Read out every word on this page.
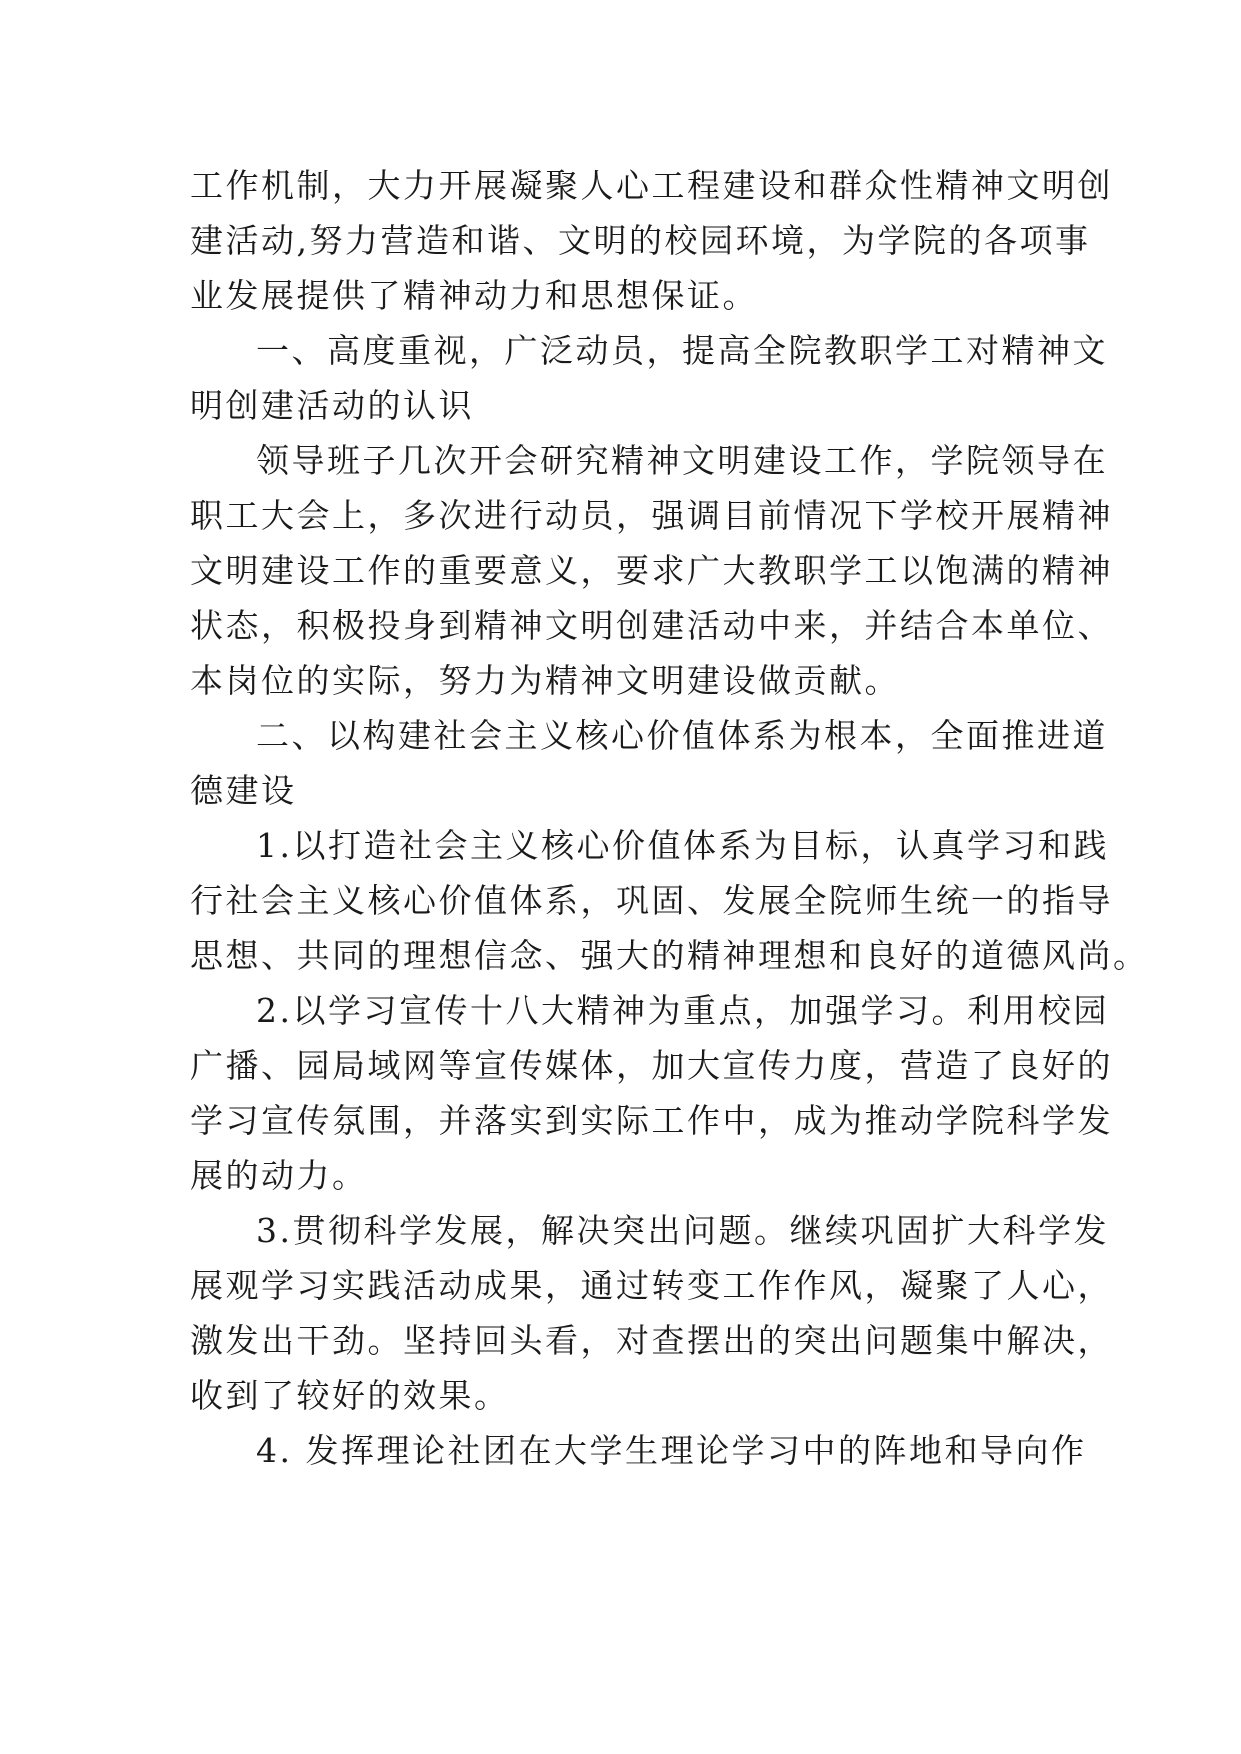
工作机制，大力开展凝聚人心工程建设和群众性精神文明创
建活动,努力营造和谐、文明的校园环境，为学院的各项事
业发展提供了精神动力和思想保证。
一、高度重视，广泛动员，提高全院教职学工对精神文
明创建活动的认识
领导班子几次开会研究精神文明建设工作，学院领导在
职工大会上，多次进行动员，强调目前情况下学校开展精神
文明建设工作的重要意义，要求广大教职学工以饱满的精神
状态，积极投身到精神文明创建活动中来，并结合本单位、
本岗位的实际，努力为精神文明建设做贡献。
二、以构建社会主义核心价值体系为根本，全面推进道
德建设
1.以打造社会主义核心价值体系为目标，认真学习和践
行社会主义核心价值体系，巩固、发展全院师生统一的指导
思想、共同的理想信念、强大的精神理想和良好的道德风尚。
2.以学习宣传十八大精神为重点，加强学习。利用校园
广播、园局域网等宣传媒体，加大宣传力度，营造了良好的
学习宣传氛围，并落实到实际工作中，成为推动学院科学发
展的动力。
3.贯彻科学发展，解决突出问题。继续巩固扩大科学发
展观学习实践活动成果，通过转变工作作风，凝聚了人心，
激发出干劲。坚持回头看，对查摆出的突出问题集中解决，
收到了较好的效果。
4. 发挥理论社团在大学生理论学习中的阵地和导向作
